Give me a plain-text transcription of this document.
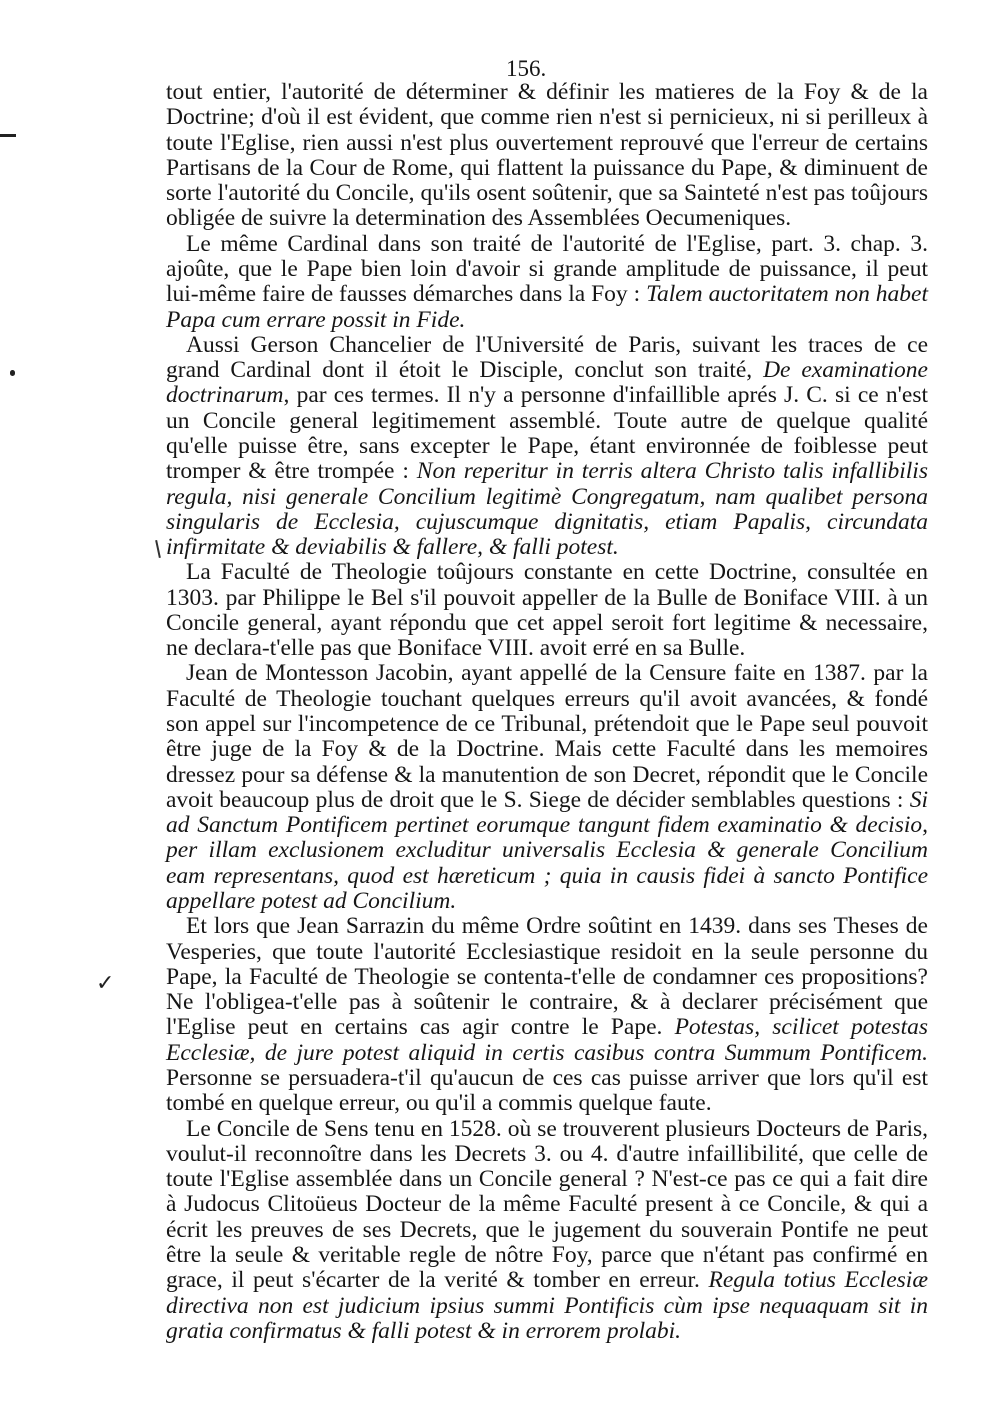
156.
✓

tout entier, l'autorité de déterminer & définir les matieres de la Foy & de la Doctrine; d'où il est évident, que comme rien n'est si pernicieux, ni si perilleux à toute l'Eglise, rien aussi n'est plus ouvertement reprouvé que l'erreur de certains Partisans de la Cour de Rome, qui flattent la puissance du Pape, & diminuent de sorte l'autorité du Concile, qu'ils osent soûtenir, que sa Sainteté n'est pas toûjours obligée de suivre la determination des Assemblées Oecumeniques.

Le même Cardinal dans son traité de l'autorité de l'Eglise, part. 3. chap. 3. ajoûte, que le Pape bien loin d'avoir si grande amplitude de puissance, il peut lui-même faire de fausses démarches dans la Foy : Talem auctoritatem non habet Papa cum errare possit in Fide.

Aussi Gerson Chancelier de l'Université de Paris, suivant les traces de ce grand Cardinal dont il étoit le Disciple, conclut son traité, De examinatione doctrinarum, par ces termes. Il n'y a personne d'infaillible aprés J. C. si ce n'est un Concile general legitimement assemblé. Toute autre de quelque qualité qu'elle puisse être, sans excepter le Pape, étant environnée de foiblesse peut tromper & être trompée : Non reperitur in terris altera Christo talis infallibilis regula, nisi generale Concilium legitimè Congregatum, nam qualibet persona singularis de Ecclesia, cujuscumque dignitatis, etiam Papalis, circundata infirmitate & deviabilis & fallere, & falli potest.

La Faculté de Theologie toûjours constante en cette Doctrine, consultée en 1303. par Philippe le Bel s'il pouvoit appeller de la Bulle de Boniface VIII. à un Concile general, ayant répondu que cet appel seroit fort legitime & necessaire, ne declara-t'elle pas que Boniface VIII. avoit erré en sa Bulle.

Jean de Montesson Jacobin, ayant appellé de la Censure faite en 1387. par la Faculté de Theologie touchant quelques erreurs qu'il avoit avancées, & fondé son appel sur l'incompetence de ce Tribunal, prétendoit que le Pape seul pouvoit être juge de la Foy & de la Doctrine. Mais cette Faculté dans les memoires dressez pour sa défense & la manutention de son Decret, répondit que le Concile avoit beaucoup plus de droit que le S. Siege de décider semblables questions : Si ad Sanctum Pontificem pertinet eorumque tangunt fidem examinatio & decisio, per illam exclusionem excluditur universalis Ecclesia & generale Concilium eam representans, quod est hæreticum ; quia in causis fidei à sancto Pontifice appellare potest ad Concilium.

Et lors que Jean Sarrazin du même Ordre soûtint en 1439. dans ses Theses de Vesperies, que toute l'autorité Ecclesiastique residoit en la seule personne du Pape, la Faculté de Theologie se contenta-t'elle de condamner ces propositions? Ne l'obligea-t'elle pas à soûtenir le contraire, & à declarer précisément que l'Eglise peut en certains cas agir contre le Pape. Potestas, scilicet potestas Ecclesiæ, de jure potest aliquid in certis casibus contra Summum Pontificem. Personne se persuadera-t'il qu'aucun de ces cas puisse arriver que lors qu'il est tombé en quelque erreur, ou qu'il a commis quelque faute.

Le Concile de Sens tenu en 1528. où se trouverent plusieurs Docteurs de Paris, voulut-il reconnoître dans les Decrets 3. ou 4. d'autre infaillibilité, que celle de toute l'Eglise assemblée dans un Concile general ? N'est-ce pas ce qui a fait dire à Judocus Clitoüeus Docteur de la même Faculté present à ce Concile, & qui a écrit les preuves de ses Decrets, que le jugement du souverain Pontife ne peut être la seule & veritable regle de nôtre Foy, parce que n'étant pas confirmé en grace, il peut s'écarter de la verité & tomber en erreur. Regula totius Ecclesiæ directiva non est judicium ipsius summi Pontificis cùm ipse nequaquam sit in gratia confirmatus & falli potest & in errorem prolabi.
